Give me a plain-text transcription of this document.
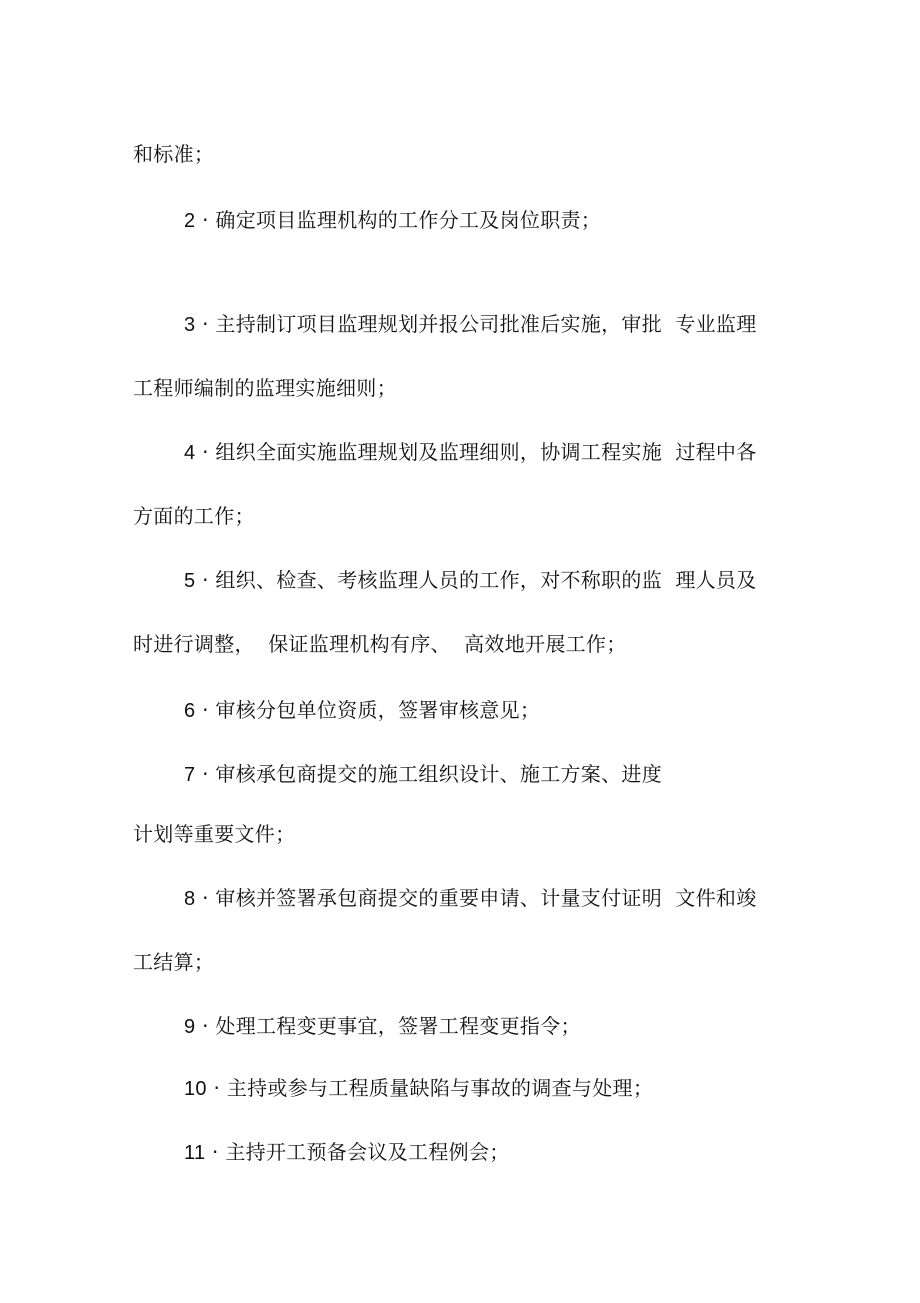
和标准；
2 · 确定项目监理机构的工作分工及岗位职责；
3 · 主持制订项目监理规划并报公司批准后实施，审批  专业监理
工程师编制的监理实施细则；
4 · 组织全面实施监理规划及监理细则，协调工程实施  过程中各
方面的工作；
5 · 组织、检查、考核监理人员的工作，对不称职的监  理人员及
时进行调整，  保证监理机构有序、  高效地开展工作；
6 · 审核分包单位资质，签署审核意见；
7 · 审核承包商提交的施工组织设计、施工方案、进度
计划等重要文件；
8 · 审核并签署承包商提交的重要申请、计量支付证明  文件和竣
工结算；
9 · 处理工程变更事宜，签署工程变更指令；
10 · 主持或参与工程质量缺陷与事故的调查与处理；
11 · 主持开工预备会议及工程例会；
